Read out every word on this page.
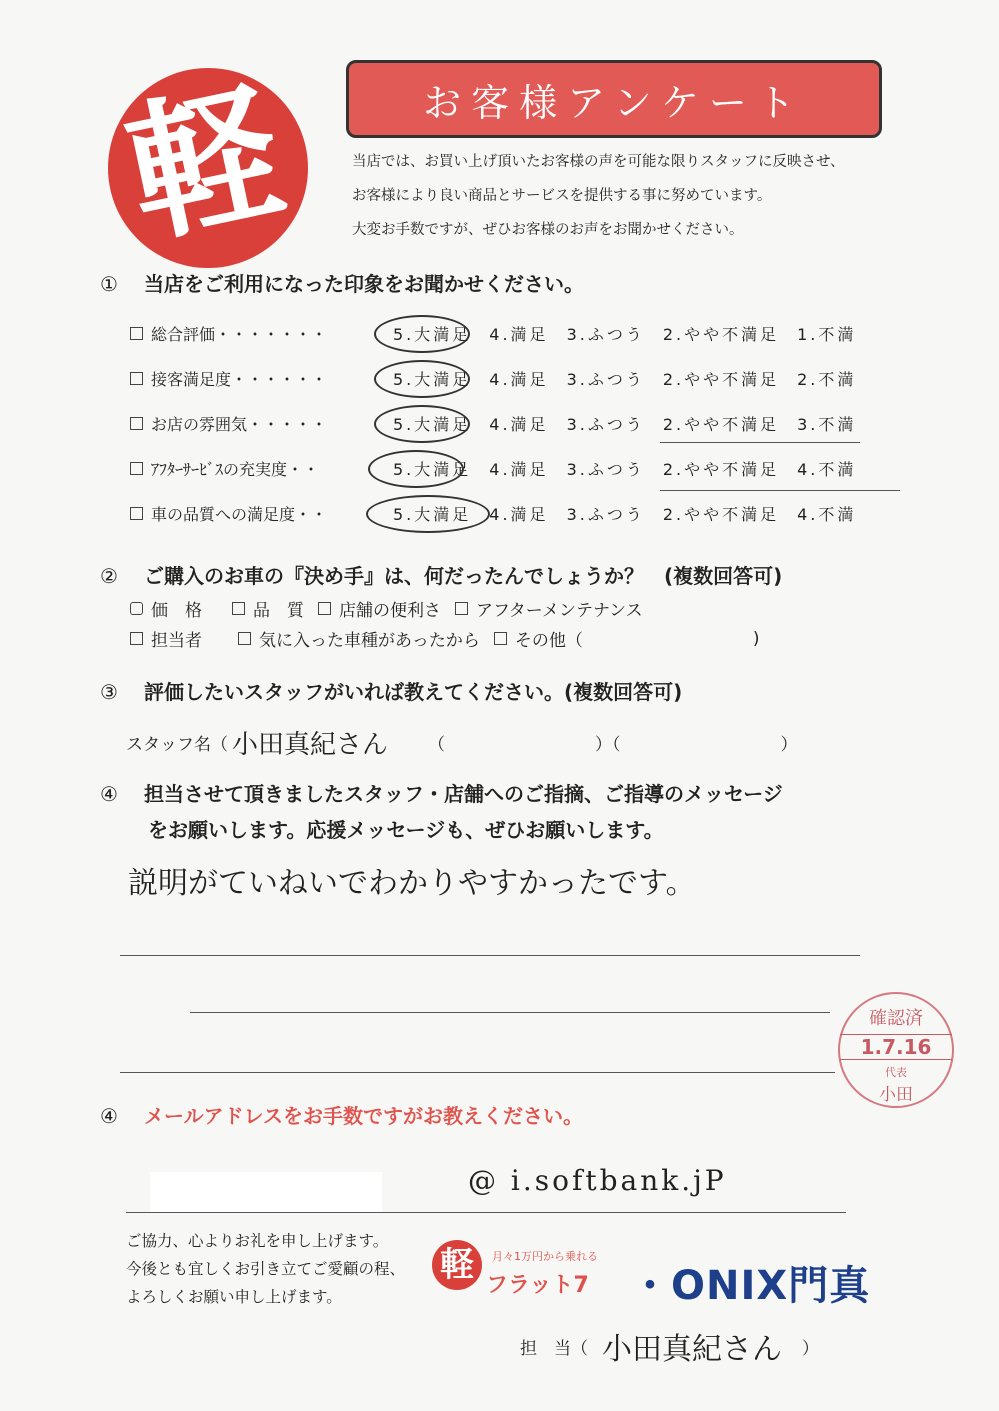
軽	お客様アンケート
当店では、お買い上げ頂いたお客様の声を可能な限りスタッフに反映させ、
お客様により良い商品とサービスを提供する事に努めています。
大変お手数ですが、ぜひお客様のお声をお聞かせください。
① 当店をご利用になった印象をお聞かせください。
総合評価・・・・・・・	5.大満足 4.満足 3.ふつう 2.やや不満足 1.不満
接客満足度・・・・・・	5.大満足 4.満足 3.ふつう 2.やや不満足 2.不満
お店の雰囲気・・・・・	5.大満足 4.満足 3.ふつう 2.やや不満足 3.不満
ｱﾌﾀｰｻｰﾋﾞｽの充実度・・	5.大満足 4.満足 3.ふつう 2.やや不満足 4.不満
車の品質への満足度・・	5.大満足 4.満足 3.ふつう 2.やや不満足 4.不満
② ご購入のお車の『決め手』は、何だったんでしょうか？　(複数回答可)
価　格	品　質 店舗の便利さ アフターメンテナンス
担当者	気に入った車種があったから その他（	)
③ 評価したいスタッフがいれば教えてください。(複数回答可)
スタッフ名（ 小田真紀さん （	）（	）
④ 担当させて頂きましたスタッフ・店舗へのご指摘、ご指導のメッセージ
をお願いします。応援メッセージも、ぜひお願いします。
説明がていねいでわかりやすかったです。
確認済
1.7.16
代表
小田
④ メールアドレスをお手数ですがお教えください。
@ i.softbank.jP
ご協力、心よりお礼を申し上げます。
今後とも宜しくお引き立てご愛顧の程、
よろしくお願い申し上げます。
軽	月々1万円から乗れる
フラット7 ・ONIX門真
担　当（ 小田真紀さん ）
